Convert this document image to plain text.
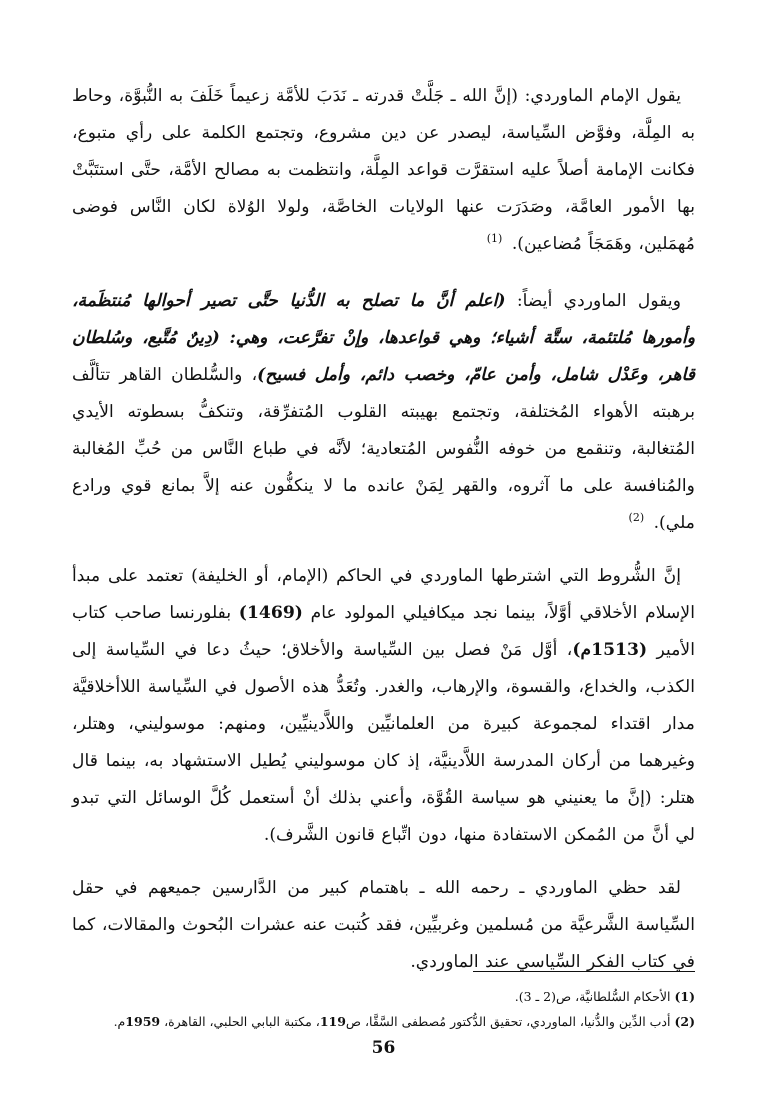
يقول الإمام الماوردي: (إنَّ الله ـ جَلَّتْ قدرته ـ نَدَبَ للأمَّة زعيماً خَلَفَ به النُّبوَّة، وحاط به المِلَّة، وفوَّض السِّياسة، ليصدر عن دين مشروع، وتجتمع الكلمة على رأي متبوع، فكانت الإمامة أصلاً عليه استقرَّت قواعد المِلَّة، وانتظمت به مصالح الأمَّة، حتَّى استتَبَّتْ بها الأمور العامَّة، وصَدَرَت عنها الولايات الخاصَّة، ولولا الوُلاة لكان النَّاس فوضى مُهمَلين، وهَمَجَاً مُضاعين). $^{(1)}$

ويقول الماوردي أيضاً: (اعلم أنَّ ما تصلح به الدُّنيا حتَّى تصير أحوالها مُنتظَمة، وأمورها مُلتئمة، ستَّة أشياء؛ وهي قواعدها، وإنْ تفرَّعت، وهي: (دِينٌ مُتَّبع، وسُلطان قاهر، وعَدْل شامل، وأمن عامّ، وخصب دائم، وأمل فسيح)، والسُّلطان القاهر تتألَّف برهبته الأهواء المُختلفة، وتجتمع بهيبته القلوب المُتفرِّقة، وتنكفُّ بسطوته الأيدي المُتغالبة، وتنقمع من خوفه النُّفوس المُتعادية؛ لأنَّه في طباع النَّاس من حُبِّ المُغالبة والمُنافسة على ما آثروه، والقهر لِمَنْ عانده ما لا ينكفُّون عنه إلاَّ بمانع قوي ورادع ملي). $^{(2)}$

إنَّ الشُّروط التي اشترطها الماوردي في الحاكم (الإمام، أو الخليفة) تعتمد على مبدأ الإسلام الأخلاقي أوَّلاً، بينما نجد ميكافيلي المولود عام (1469) بفلورنسا صاحب كتاب الأمير (1513م)، أوَّل مَنْ فصل بين السِّياسة والأخلاق؛ حيثُ دعا في السِّياسة إلى الكذب، والخداع، والقسوة، والإرهاب، والغدر. وتُعَدُّ هذه الأصول في السِّياسة اللاأخلاقيَّة مدار اقتداء لمجموعة كبيرة من العلمانيِّين واللاَّدينيِّين، ومنهم: موسوليني، وهتلر، وغيرهما من أركان المدرسة اللاَّدينيَّة، إذ كان موسوليني يُطيل الاستشهاد به، بينما قال هتلر: (إنَّ ما يعنيني هو سياسة القُوَّة، وأعني بذلك أنْ أستعمل كُلَّ الوسائل التي تبدو لي أنَّ من المُمكن الاستفادة منها، دون اتِّباع قانون الشَّرف).

لقد حظي الماوردي ـ رحمه الله ـ باهتمام كبير من الدَّارسين جميعهم في حقل السِّياسة الشَّرعيَّة من مُسلمين وغربيِّين، فقد كُتبت عنه عشرات البُحوث والمقالات، كما في كتاب الفكر السِّياسي عند الماوردي.

(1) الأحكام السُّلطانيَّة، ص(2 ـ 3).

(2) أدب الدِّين والدُّنيا، الماوردي، تحقيق الدُّكتور مُصطفى السَّقَّا، ص119، مكتبة البابي الحلبي، القاهرة، 1959م.

56
